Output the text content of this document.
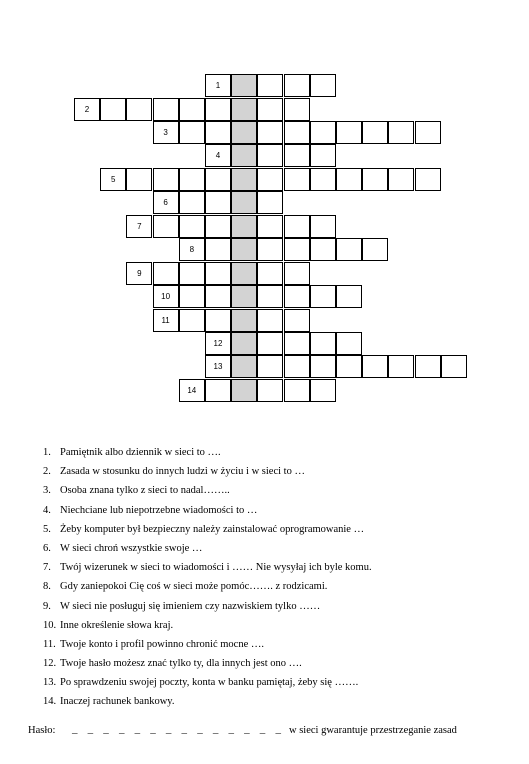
1
2
3
4
5
6
7
8
9
10
11
12
13
14
1. Pamiętnik albo dziennik w sieci to ….
2. Zasada w stosunku do innych ludzi w życiu i w sieci to …
3. Osoba znana tylko z sieci to nadal……..
4. Niechciane lub niepotrzebne wiadomości to …
5. Żeby komputer był bezpieczny należy zainstalować oprogramowanie …
6. W sieci chroń wszystkie swoje …
7. Twój wizerunek w sieci to wiadomości i …… Nie wysyłaj ich byle komu.
8. Gdy zaniepokoi Cię coś w sieci może pomóc……. z rodzicami.
9. W sieci nie posługuj się imieniem czy nazwiskiem tylko ……
10. Inne określenie słowa kraj.
11. Twoje konto i profil powinno chronić mocne ….
12. Twoje hasło możesz znać tylko ty, dla innych jest ono ….
13. Po sprawdzeniu swojej poczty, konta w banku pamiętaj, żeby się …….
14. Inaczej rachunek bankowy.
Hasło: _ _ _ _ _ _ _ _ _ _ _ _ _ _ w sieci gwarantuje przestrzeganie zasad
